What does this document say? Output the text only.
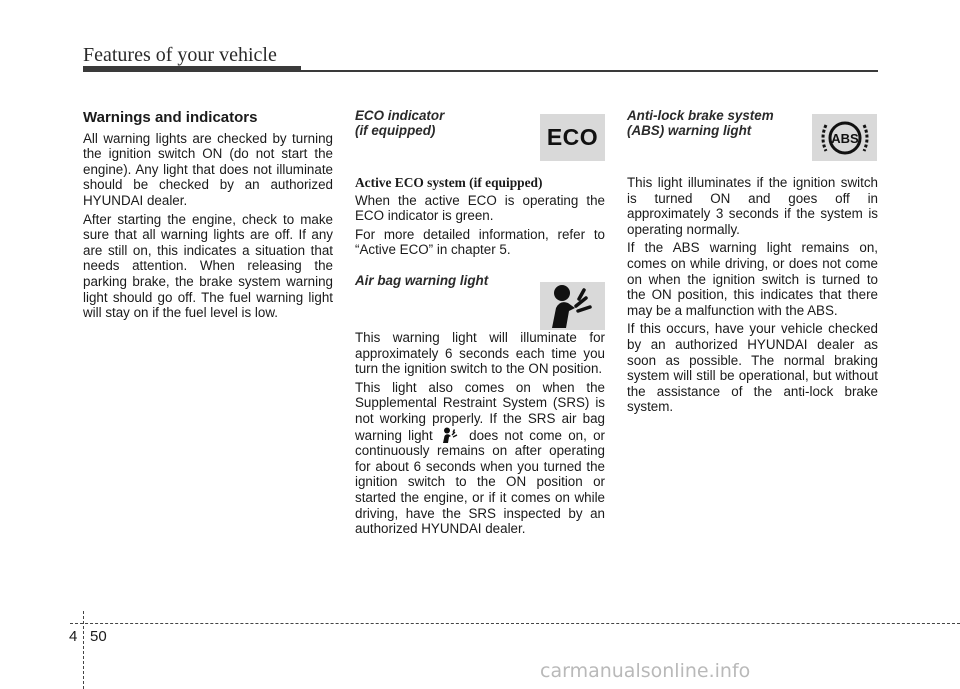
Features of your vehicle
Warnings and indicators

All warning lights are checked by turning the ignition switch ON (do not start the engine). Any light that does not illuminate should be checked by an authorized HYUNDAI dealer.

After starting the engine, check to make sure that all warning lights are off. If any are still on, this indicates a situation that needs attention. When releasing the parking brake, the brake system warning light should go off. The fuel warning light will stay on if the fuel level is low.

ECO indicator
(if equipped)
Active ECO system (if equipped)

When the active ECO is operating the ECO indicator is green.

For more detailed information, refer to “Active ECO” in chapter 5.

Air bag warning light

This warning light will illuminate for approximately 6 seconds each time you turn the ignition switch to the ON position.

This light also comes on when the Supplemental Restraint System (SRS) is not working properly. If the SRS air bag warning light	does not come on, or continuously remains on after operating for about 6 seconds when you turned the ignition switch to the ON position or started the engine, or if it comes on while driving, have the SRS inspected by an authorized HYUNDAI dealer.

ECO
Anti-lock brake system
(ABS) warning light

This light illuminates if the ignition switch is turned ON and goes off in approximately 3 seconds if the system is operating normally.

If the ABS warning light remains on, comes on while driving, or does not come on when the ignition switch is turned to the ON position, this indicates that there may be a malfunction with the ABS.

If this occurs, have your vehicle checked by an authorized HYUNDAI dealer as soon as possible. The normal braking system will still be operational, but without the assistance of the anti-lock brake system.

ABS
4 50
carmanualsonline.info
